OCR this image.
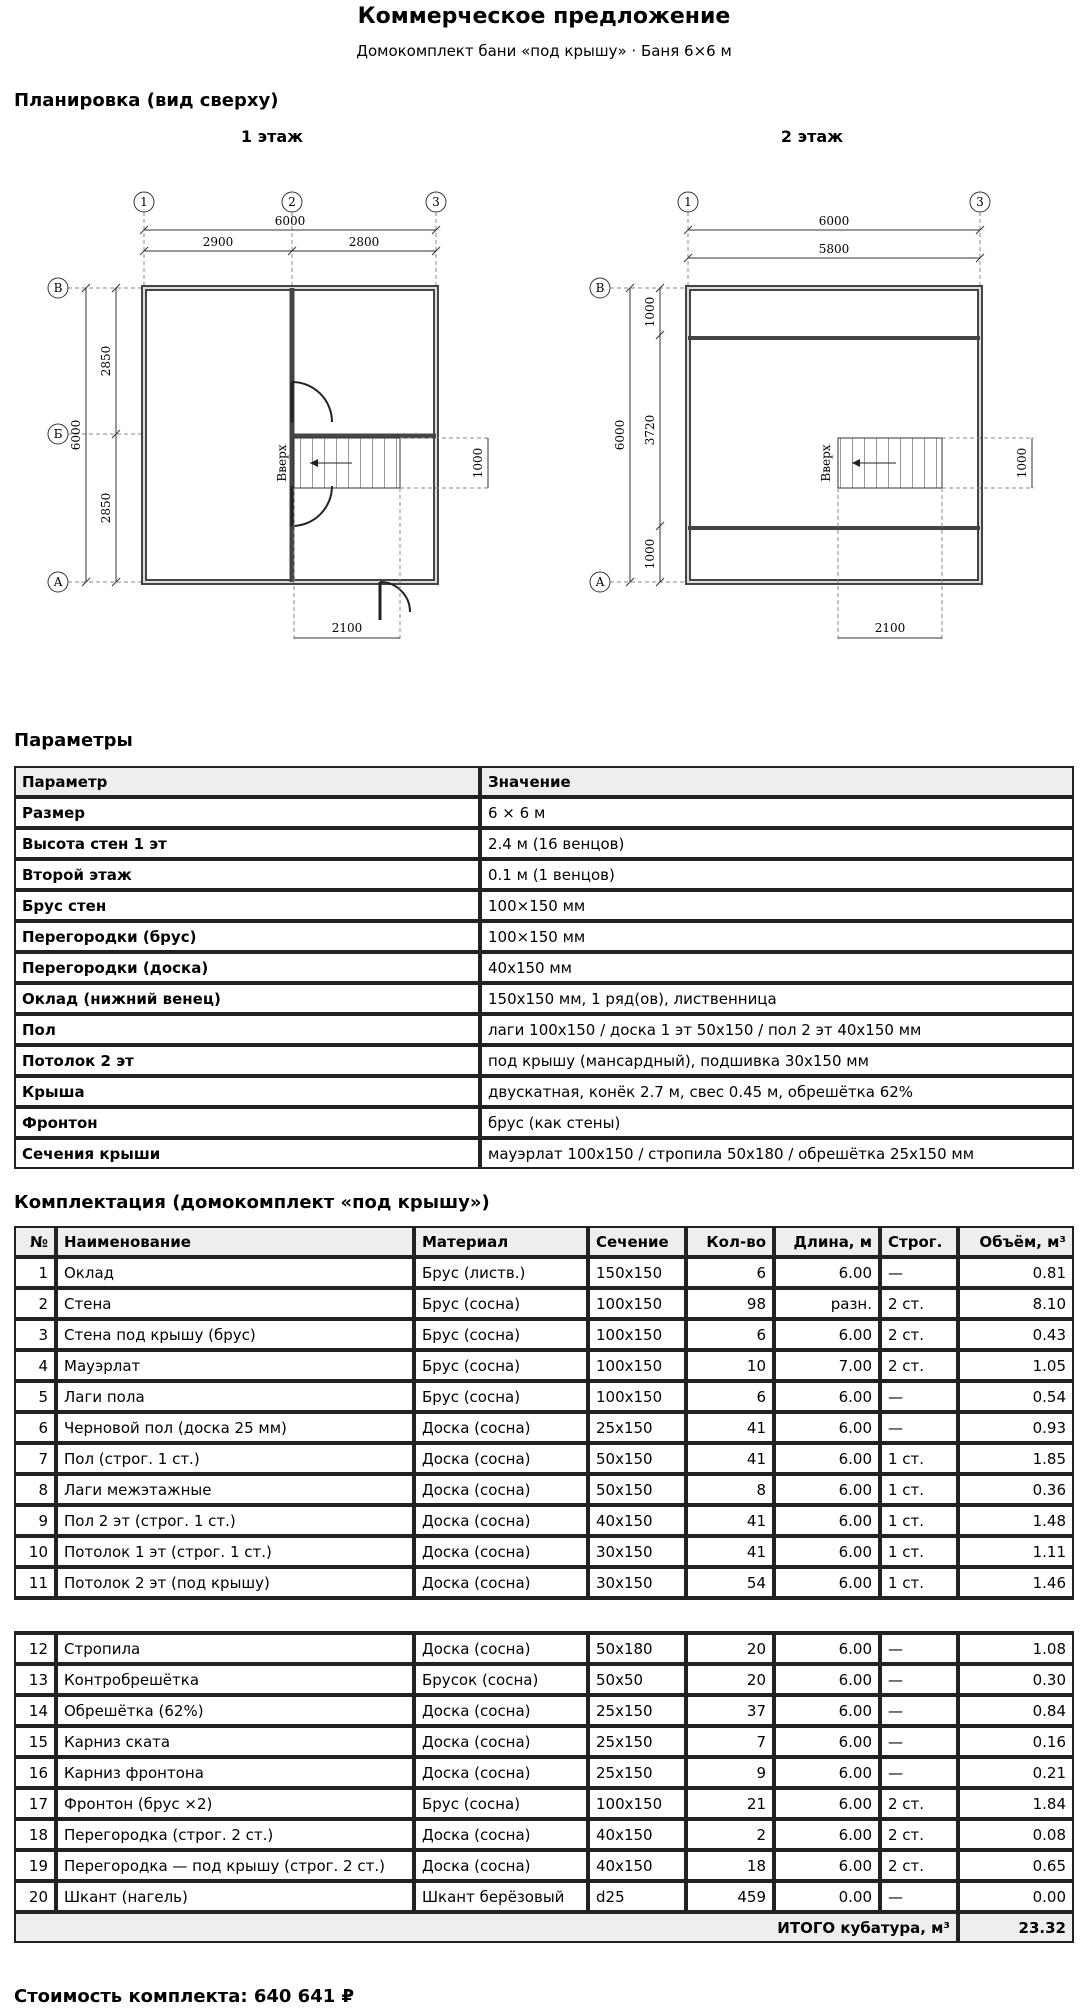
Коммерческое предложение
Домокомплект бани «под крышу» · Баня 6×6 м
Планировка (вид сверху)
1 этаж
1	2	3
6000
2900	2800
В
Б
А
6000
2850
2850
Вверх	1000
2100
2 этаж
1	3
6000
5800
В
А
6000
1000
3720
1000
Вверх	1000
2100
Параметры
Параметр	Значение
Размер	6 × 6 м
Высота стен 1 эт	2.4 м (16 венцов)
Второй этаж	0.1 м (1 венцов)
Брус стен	100×150 мм
Перегородки (брус)	100×150 мм
Перегородки (доска)	40x150 мм
Оклад (нижний венец)	150x150 мм, 1 ряд(ов), лиственница
Пол	лаги 100x150 / доска 1 эт 50x150 / пол 2 эт 40x150 мм
Потолок 2 эт	под крышу (мансардный), подшивка 30x150 мм
Крыша	двускатная, конёк 2.7 м, свес 0.45 м, обрешётка 62%
Фронтон	брус (как стены)
Сечения крыши	мауэрлат 100x150 / стропила 50x180 / обрешётка 25x150 мм
Комплектация (домокомплект «под крышу»)
№	Наименование	Материал	Сечение	Кол-во	Длина, м	Строг.	Объём, м³
1	Оклад	Брус (листв.)	150x150	6	6.00	—	0.81
2	Стена	Брус (сосна)	100x150	98	разн.	2 ст.	8.10
3	Стена под крышу (брус)	Брус (сосна)	100x150	6	6.00	2 ст.	0.43
4	Мауэрлат	Брус (сосна)	100x150	10	7.00	2 ст.	1.05
5	Лаги пола	Брус (сосна)	100x150	6	6.00	—	0.54
6	Черновой пол (доска 25 мм)	Доска (сосна)	25x150	41	6.00	—	0.93
7	Пол (строг. 1 ст.)	Доска (сосна)	50x150	41	6.00	1 ст.	1.85
8	Лаги межэтажные	Доска (сосна)	50x150	8	6.00	1 ст.	0.36
9	Пол 2 эт (строг. 1 ст.)	Доска (сосна)	40x150	41	6.00	1 ст.	1.48
10	Потолок 1 эт (строг. 1 ст.)	Доска (сосна)	30x150	41	6.00	1 ст.	1.11
11	Потолок 2 эт (под крышу)	Доска (сосна)	30x150	54	6.00	1 ст.	1.46

12	Стропила	Доска (сосна)	50x180	20	6.00	—	1.08
13	Контробрешётка	Брусок (сосна)	50x50	20	6.00	—	0.30
14	Обрешётка (62%)	Доска (сосна)	25x150	37	6.00	—	0.84
15	Карниз ската	Доска (сосна)	25x150	7	6.00	—	0.16
16	Карниз фронтона	Доска (сосна)	25x150	9	6.00	—	0.21
17	Фронтон (брус ×2)	Брус (сосна)	100x150	21	6.00	2 ст.	1.84
18	Перегородка (строг. 2 ст.)	Доска (сосна)	40x150	2	6.00	2 ст.	0.08
19	Перегородка — под крышу (строг. 2 ст.)	Доска (сосна)	40x150	18	6.00	2 ст.	0.65
20	Шкант (нагель)	Шкант берёзовый	d25	459	0.00	—	0.00
ИТОГО кубатура, м³							23.32
Стоимость комплекта: 640 641 ₽
